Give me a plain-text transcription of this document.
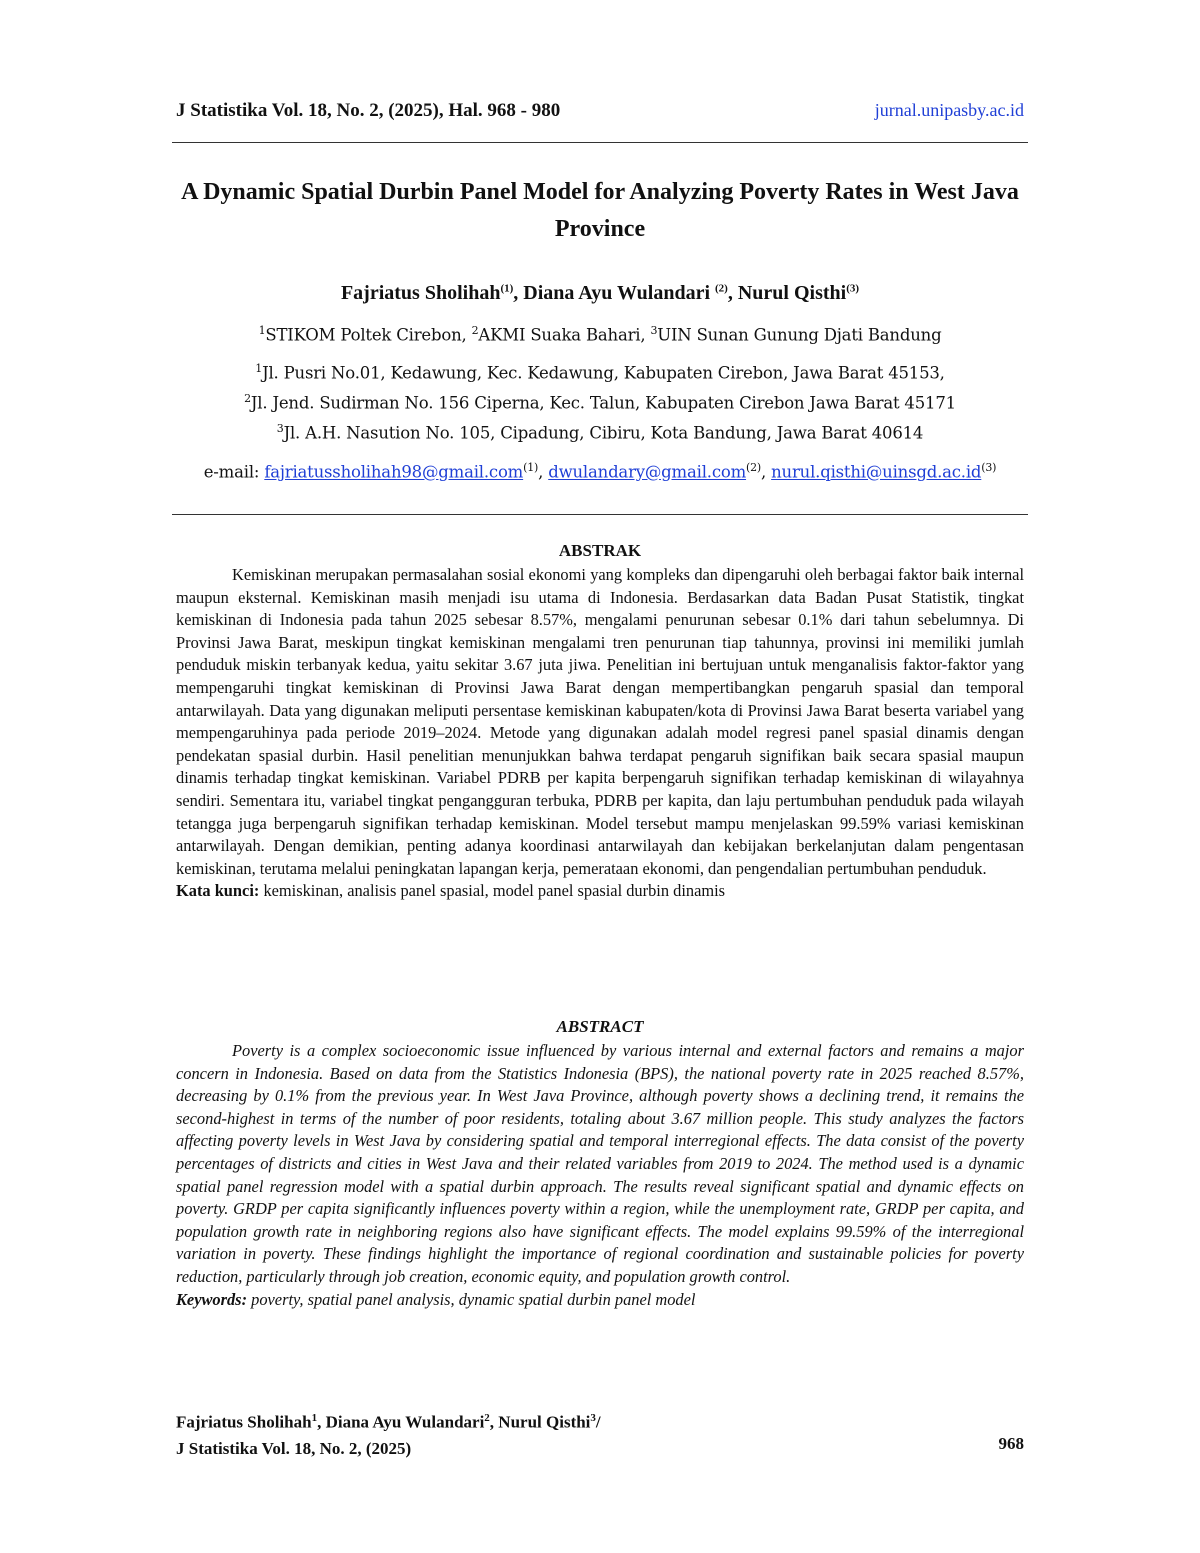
J Statistika Vol. 18, No. 2, (2025), Hal. 968 - 980	jurnal.unipasby.ac.id
A Dynamic Spatial Durbin Panel Model for Analyzing Poverty Rates in West Java Province
Fajriatus Sholihah$^{(1)}$, Diana Ayu Wulandari $^{(2)}$, Nurul Qisthi$^{(3)}$
$^1$STIKOM Poltek Cirebon, $^2$AKMI Suaka Bahari, $^3$UIN Sunan Gunung Djati Bandung
$^1$Jl. Pusri No.01, Kedawung, Kec. Kedawung, Kabupaten Cirebon, Jawa Barat 45153,
$^2$Jl. Jend. Sudirman No. 156 Ciperna, Kec. Talun, Kabupaten Cirebon Jawa Barat 45171
$^3$Jl. A.H. Nasution No. 105, Cipadung, Cibiru, Kota Bandung, Jawa Barat 40614
e-mail: fajriatussholihah98@gmail.com$^{(1)}$, dwulandary@gmail.com$^{(2)}$, $nurul.qisthi@uinsgd.ac.id^{(3)}$
ABSTRAK

Kemiskinan merupakan permasalahan sosial ekonomi yang kompleks dan dipengaruhi oleh berbagai faktor baik internal maupun eksternal. Kemiskinan masih menjadi isu utama di Indonesia. Berdasarkan data Badan Pusat Statistik, tingkat kemiskinan di Indonesia pada tahun 2025 sebesar 8.57%, mengalami penurunan sebesar 0.1% dari tahun sebelumnya. Di Provinsi Jawa Barat, meskipun tingkat kemiskinan mengalami tren penurunan tiap tahunnya, provinsi ini memiliki jumlah penduduk miskin terbanyak kedua, yaitu sekitar 3.67 juta jiwa. Penelitian ini bertujuan untuk menganalisis faktor-faktor yang mempengaruhi tingkat kemiskinan di Provinsi Jawa Barat dengan mempertibangkan pengaruh spasial dan temporal antarwilayah. Data yang digunakan meliputi persentase kemiskinan kabupaten/kota di Provinsi Jawa Barat beserta variabel yang mempengaruhinya pada periode 2019–2024. Metode yang digunakan adalah model regresi panel spasial dinamis dengan pendekatan spasial durbin. Hasil penelitian menunjukkan bahwa terdapat pengaruh signifikan baik secara spasial maupun dinamis terhadap tingkat kemiskinan. Variabel PDRB per kapita berpengaruh signifikan terhadap kemiskinan di wilayahnya sendiri. Sementara itu, variabel tingkat pengangguran terbuka, PDRB per kapita, dan laju pertumbuhan penduduk pada wilayah tetangga juga berpengaruh signifikan terhadap kemiskinan. Model tersebut mampu menjelaskan 99.59% variasi kemiskinan antarwilayah. Dengan demikian, penting adanya koordinasi antarwilayah dan kebijakan berkelanjutan dalam pengentasan kemiskinan, terutama melalui peningkatan lapangan kerja, pemerataan ekonomi, dan pengendalian pertumbuhan penduduk.

Kata kunci: kemiskinan, analisis panel spasial, model panel spasial durbin dinamis
ABSTRACT

Poverty is a complex socioeconomic issue influenced by various internal and external factors and remains a major concern in Indonesia. Based on data from the Statistics Indonesia (BPS), the national poverty rate in 2025 reached 8.57%, decreasing by 0.1% from the previous year. In West Java Province, although poverty shows a declining trend, it remains the second-highest in terms of the number of poor residents, totaling about 3.67 million people. This study analyzes the factors affecting poverty levels in West Java by considering spatial and temporal interregional effects. The data consist of the poverty percentages of districts and cities in West Java and their related variables from 2019 to 2024. The method used is a dynamic spatial panel regression model with a spatial durbin approach. The results reveal significant spatial and dynamic effects on poverty. GRDP per capita significantly influences poverty within a region, while the unemployment rate, GRDP per capita, and population growth rate in neighboring regions also have significant effects. The model explains 99.59% of the interregional variation in poverty. These findings highlight the importance of regional coordination and sustainable policies for poverty reduction, particularly through job creation, economic equity, and population growth control.

Keywords: poverty, spatial panel analysis, dynamic spatial durbin panel model
Fajriatus Sholihah$^1$, Diana Ayu Wulandari$^2$, Nurul Qisthi$^3$/
J Statistika Vol. 18, No. 2, (2025)	968
